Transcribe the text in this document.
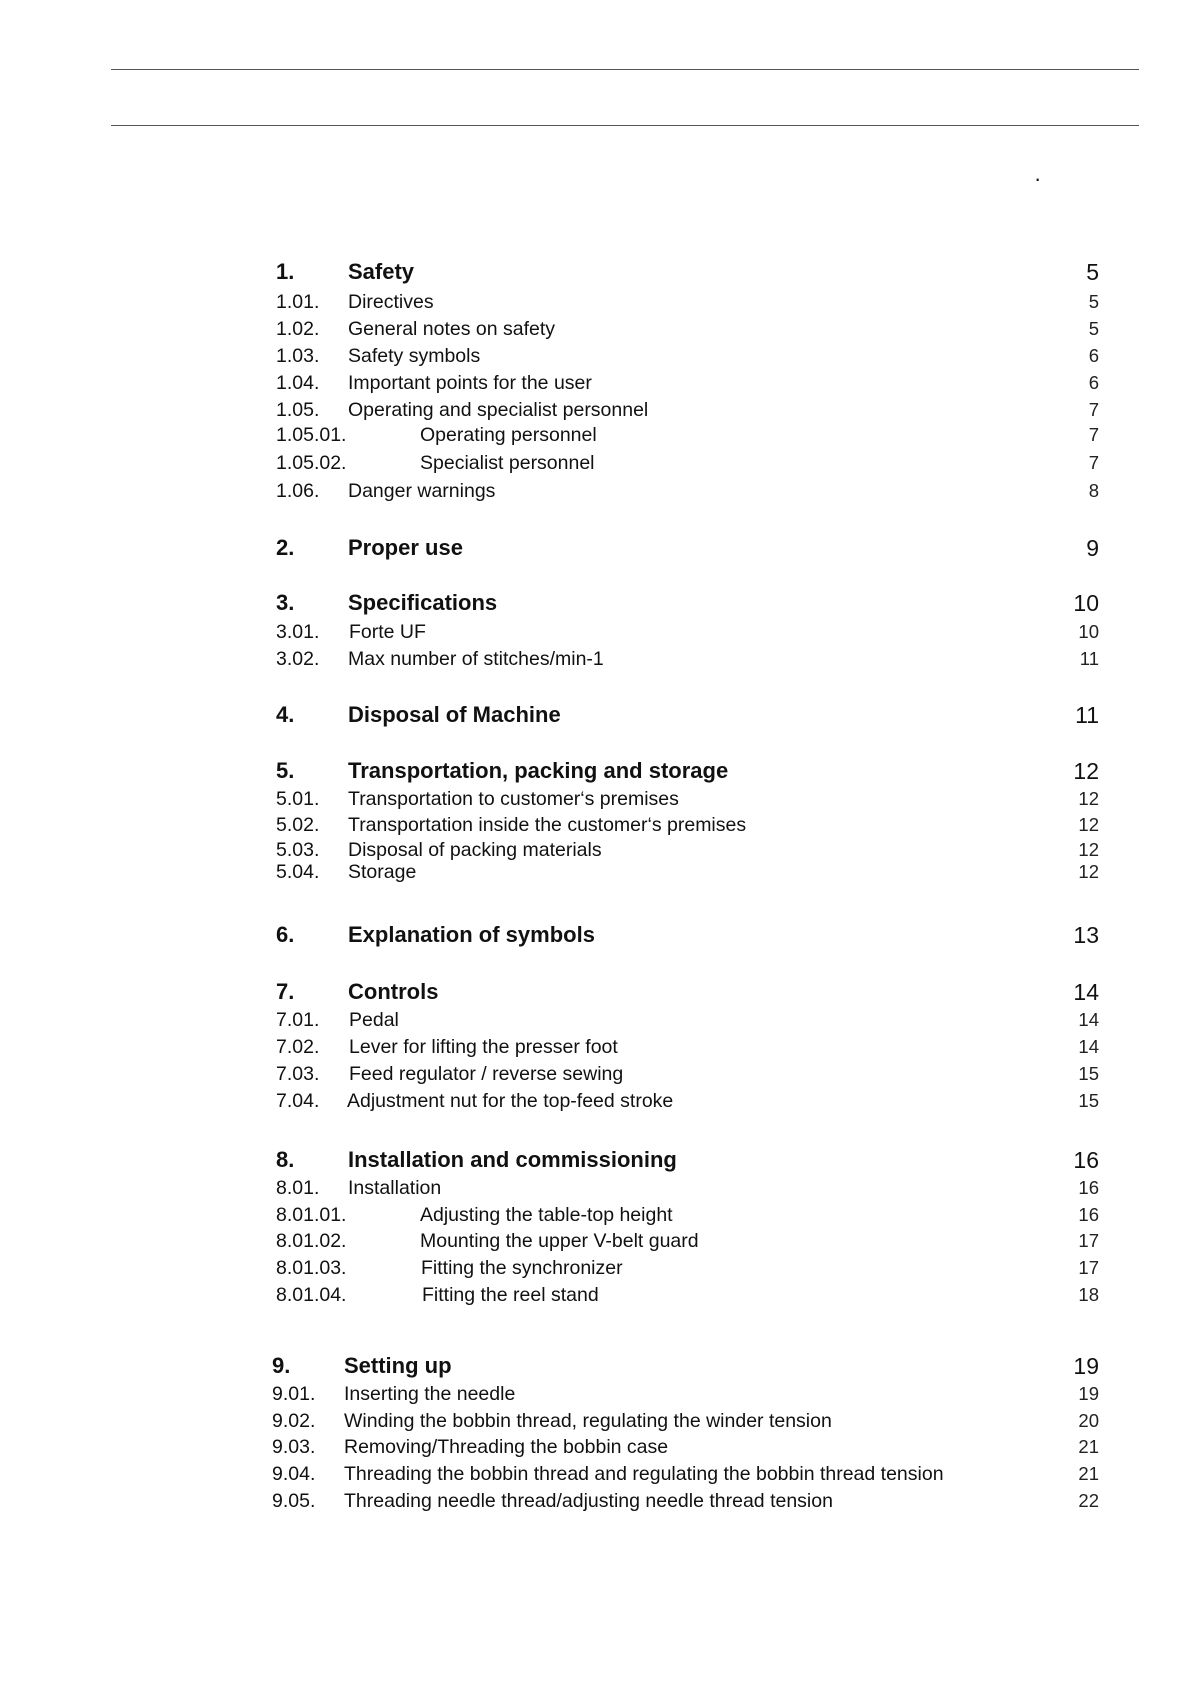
·
1. Safety	5
1.01. Directives	5
1.02. General notes on safety	5
1.03. Safety symbols	6
1.04. Important points for the user	6
1.05. Operating and specialist personnel	7
1.05.01.	Operating personnel	7
1.05.02.	Specialist personnel	7
1.06. Danger warnings	8
2. Proper use	9
3. Specifications	10
3.01. Forte UF	10
3.02. Max number of stitches/min-1	11
4. Disposal of Machine	11
5. Transportation, packing and storage	12
5.01. Transportation to customer‘s premises	12
5.02. Transportation inside the customer‘s premises	12
5.03. Disposal of packing materials	12
5.04. Storage	12
6. Explanation of symbols	13
7. Controls	14
7.01. Pedal	14
7.02. Lever for lifting the presser foot	14
7.03. Feed regulator / reverse sewing	15
7.04. Adjustment nut for the top-feed stroke	15
8. Installation and commissioning	16
8.01. Installation	16
8.01.01.	Adjusting the table-top height	16
8.01.02.	Mounting the upper V-belt guard	17
8.01.03.	Fitting the synchronizer	17
8.01.04.	Fitting the reel stand	18
9. Setting up	19
9.01. Inserting the needle	19
9.02. Winding the bobbin thread, regulating the winder tension	20
9.03. Removing/Threading the bobbin case	21
9.04. Threading the bobbin thread and regulating the bobbin thread tension	21
9.05. Threading needle thread/adjusting needle thread tension	22
